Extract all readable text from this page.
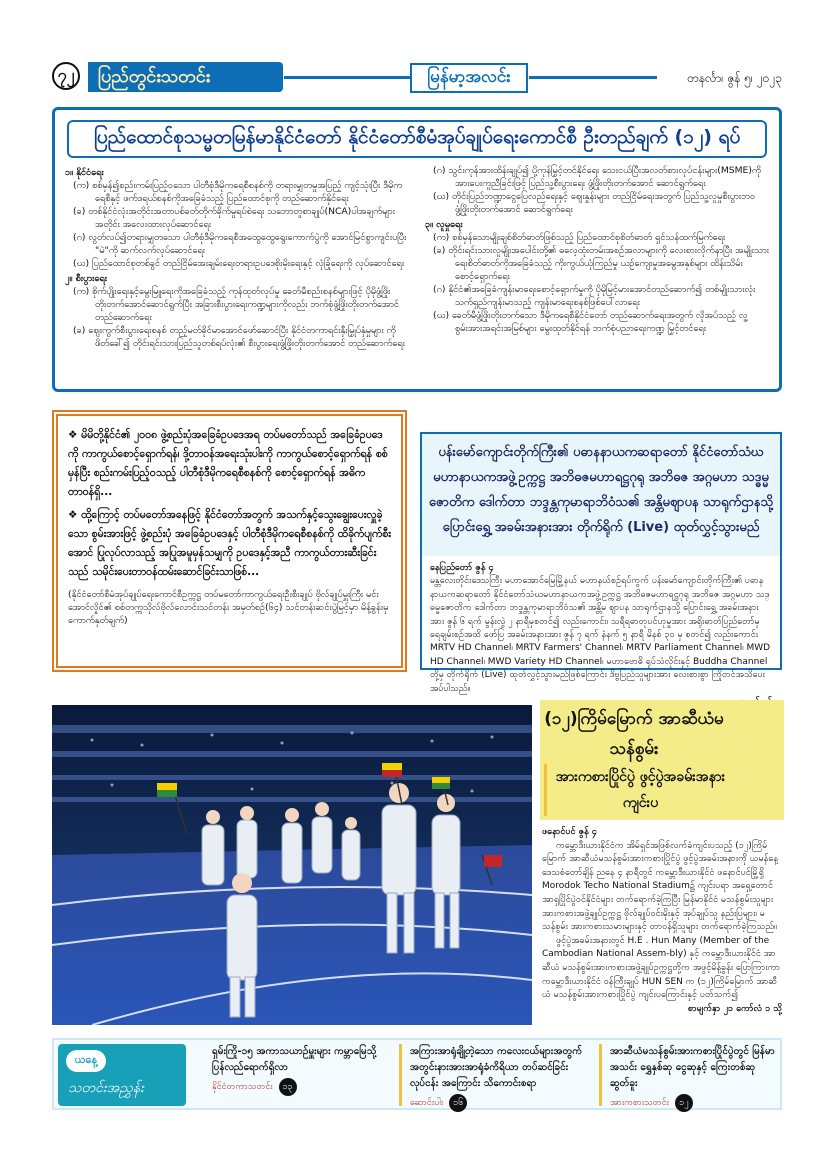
၇၂	ပြည်တွင်းသတင်း	မြန်မာ့အလင်း	တနင်္လာ၊ ဇွန် ၅၊ ၂၀၂၃
ပြည်ထောင်စုသမ္မတမြန်မာနိုင်ငံတော် နိုင်ငံတော်စီမံအုပ်ချုပ်ရေးကောင်စီ ဦးတည်ချက် (၁၂) ရပ်

၁။ နိုင်ငံရေး

(က) စစ်မှန်၍စည်းကမ်းပြည့်ဝသော ပါတီစုံဒီမိုကရေစီစနစ်ကို တရားမျှတမှုအပြည့် ကျင့်သုံးပြီး ဒီမိုကရေစီနှင့် ဖက်ဒရယ်စနစ်ကိုအခြေခံသည့် ပြည်ထောင်စုကို တည်ဆောက်နိုင်ရေး

(ခ) တစ်နိုင်ငံလုံးအတိုင်းအတာပစ်ခတ်တိုက်ခိုက်မှုရပ်စဲရေး သဘောတူစာချုပ်(NCA)ပါအချက်များအတိုင်း အလေးထားလုပ်ဆောင်ရေး

(ဂ) လွတ်လပ်၍တရားမျှတသော ပါတီစုံဒီမိုကရေစီအထွေထွေရွေးကောက်ပွဲကို အောင်မြင်စွာကျင်းပပြီး "မဲ"ကို ဆက်လက်လုပ်ဆောင်ရေး

(ဃ) ပြည်ထောင်စုတစ်ခွင် တည်ငြိမ်အေးချမ်းရေးတရားဥပဒေစိုးမိုးရေးနှင့် လုံခြုံရေးကို လုပ်ဆောင်ရေး

၂။ စီးပွားရေး

(က) စိုက်ပျိုးရေးနှင့်မွေးမြူရေးကိုအခြေခံသည့် ကုန်ထုတ်လုပ်မှု ခေတ်မီစည်းစနစ်များဖြင့် ပိုမိုဖွံ့ဖြိုးတိုးတက်အောင်ဆောင်ရွက်ပြီး အခြားစီးပွားရေးကဏ္ဍများကိုလည်း ဘက်စုံဖွံ့ဖြိုးတိုးတက်အောင် တည်ဆောက်ရေး

(ခ) ဈေးကွက်စီးပွားရေးစနစ် တည့်မတ်ခိုင်မာအောင်ဖော်ဆောင်ပြီး နိုင်ငံတကာရင်းနှီးမြှုပ်နှံမှုများ ကိုဖိတ်ခေါ်၍ တိုင်းရင်းသားပြည်သူတစ်ရပ်လုံး၏ စီးပွားရေးဖွံ့ဖြိုးတိုးတက်အောင် တည်ဆောက်ရေး

(ဂ) သွင်းကုန်အားထိန်းချုပ်၍ ပို့ကုန်မြှင့်တင်နိုင်ရေး သေးငယ်ပြီးအလတ်စားလုပ်ငန်းများ(MSME)ကို အားပေးကူညီခြင်းဖြင့် ပြည်သူ့စီးပွားရေး ဖွံ့ဖြိုးတိုးတက်အောင် ဆောင်ရွက်ရေး

(ဃ) တိုင်းပြည်ဘဏ္ဍာငွေပြေလည်ရေးနှင့် ဈေးနှုန်းများ တည်ငြိမ်ရေးအတွက် ပြည်သူ့လူမှုစီးပွားဘဝ ဖွံ့ဖြိုးတိုးတက်အောင် ဆောင်ရွက်ရေး

၃။ လူမှုရေး

(က) စစ်မှန်သောမျိုးချစ်စိတ်ဓာတ်ဖြစ်သည့် ပြည်ထောင်စုစိတ်ဓာတ် ရှင်သန်ထက်မြက်ရေး

(ခ) တိုင်းရင်းသားလူမျိုးအပေါင်းတို့၏ ဓလေ့ထုံးတမ်းအစဉ်အလာများကို လေးစားလိုက်နာပြီး အမျိုးသားရေးစိတ်ဓာတ်ကိုအခြေခံသည့် ကိုးကွယ်ယုံကြည်မှု ယဉ်ကျေးမှုအမွေအနှစ်များ ထိန်းသိမ်းစောင့်ရှောက်ရေး

(ဂ) နိုင်ငံ၏အခြေခံကျန်းမာရေးစောင့်ရှောက်မှုကို ပိုမိုမြင့်မားအောင်တည်ဆောက်၍ တစ်မျိုးသားလုံး သက်ရှည်ကျန်းမာသည့် ကျန်းမာရေးစနစ်ဖြစ်ပေါ်လာရေး

(ဃ) ခေတ်မီဖွံ့ဖြိုးတိုးတက်သော ဒီမိုကရေစီနိုင်ငံတော် တည်ဆောက်ရေးအတွက် လိုအပ်သည့် လူ့စွမ်းအားအရင်းအမြစ်များ မွေးထုတ်နိုင်ရန် ဘက်စုံပညာရေးကဏ္ဍ မြှင့်တင်ရေး

❖ မိမိတို့နိုင်ငံ၏ ၂၀၀၈ ဖွဲ့စည်းပုံအခြေခံဥပဒေအရ တပ်မတော်သည် အခြေခံဥပဒေကို ကာကွယ်စောင့်ရှောက်ရန်၊ ဒို့တာဝန်အရေးသုံးပါးကို ကာကွယ်စောင့်ရှောက်ရန် စစ်မှန်ပြီး စည်းကမ်းပြည့်ဝသည့် ပါတီစုံဒီမိုကရေစီစနစ်ကို စောင့်ရှောက်ရန် အဓိကတာဝန်ရှိ...

❖ ထို့ကြောင့် တပ်မတော်အနေဖြင့် နိုင်ငံတော်အတွက် အသက်နှင့်သွေးချွေးပေးလှူခဲ့သော စွမ်းအားဖြင့် ဖွဲ့စည်းပုံ အခြေခံဥပဒေနှင့် ပါတီစုံဒီမိုကရေစီစနစ်ကို ထိခိုက်ပျက်စီးအောင် ပြုလုပ်လာသည့် အပြုအမူမှန်သမျှကို ဥပဒေနှင့်အညီ ကာကွယ်တားဆီးခြင်းသည် သမိုင်းပေးတာဝန်ထမ်းဆောင်ခြင်းသာဖြစ်...

(နိုင်ငံတော်စီမံအုပ်ချုပ်ရေးကောင်စီဥက္ကဋ္ဌ တပ်မတော်ကာကွယ်ရေးဦးစီးချုပ် ဗိုလ်ချုပ်မှူးကြီး မင်းအောင်လှိုင်၏ စစ်တက္ကသိုလ်ဗိုလ်လောင်းသင်တန်း အမှတ်စဉ်(၆၄) သင်တန်းဆင်းပွဲမြင့်မှာ မိန့်ခွန်းမှ ကောက်နုတ်ချက်)

ပန်းမော်ကျောင်းတိုက်ကြီး၏ ပဓာနနာယကဆရာတော် နိုင်ငံတော်သံဃမဟာနာယကအဖွဲ့ဥက္ကဋ္ဌ အဘိဓဇမဟာရဋ္ဌဂုရု အဘိဓဇ အဂ္ဂမဟာ သဒ္ဓမ္မဇောတိက ဒေါက်တာ ဘဒ္ဒန္တကုမာရာဘိဝံသ၏ အန္တိမဈာပန သာရုက်ဌာနသို့ ပြောင်းရွှေ့ အခမ်းအနားအား တိုက်ရိုက် (Live) ထုတ်လွှင့်သွားမည်

နေပြည်တော် ဇွန် ၄

မန္တလေးတိုင်းဒေသကြီး မဟာအောင်မြေမြို့နယ် မဟာနယ်စဉ်ရပ်ကွက် ပန်းမော်ကျောင်းတိုက်ကြီး၏ ပဓာနနာယကဆရာတော် နိုင်ငံတော်သံဃမဟာနာယကအဖွဲ့ဥက္ကဋ္ဌ အဘိဓဇမဟာရဋ္ဌဂုရု အဘိဓဇ အဂ္ဂမဟာ သဒ္ဓမ္မဇောတိက ဒေါက်တာ ဘဒ္ဒန္တကုမာရာဘိဝံသ၏ အန္တိမ ဈာပန သာရုက်ဌာနသို့ ပြောင်းရွှေ့ အခမ်းအနားအား ဇွန် ၆ ရက် မွန်းလွဲ ၂ နာရီမှစတင်၍ လည်းကောင်း၊ သရီရဓာတုပင်ဟုမှုအား အရိုးဓာတ်ပြည်တော်မှ ရေချမ်းစဉ်အထိ ဖော်ပြ အခမ်းအနားအား ဇွန် ၇ ရက် နံနက် ၅ နာရီ မိနစ် ၃၀ မှ စတင်၍ လည်းကောင်း MRTV HD Channel၊ MRTV Farmers' Channel၊ MRTV Parliament Channel၊ MWD HD Channel၊ MWD Variety HD Channel၊ မဟာဗောဓိ ရုပ်သံလိုင်းနှင့် Buddha Channel တို့မှ တိုက်ရိုက် (Live) ထုတ်လွှင့်သွားမည်ဖြစ်ကြောင်း ဒိဗ္ဗပြည်သူများအား လေးစားစွာ ကြိုတင်အသိပေးအပ်ပါသည်။

(၁၂)ကြိမ်မြောက် အာဆီယံမသန်စွမ်း
အားကစားပြိုင်ပွဲ ဖွင့်ပွဲအခမ်းအနားကျင်းပ

ဖနောင်ပင် ဇွန် ၄

ကမ္ဘောဒီးယားနိုင်ငံက အိမ်ရှင်အဖြစ်လက်ခံကျင်းပသည့် (၁၂)ကြိမ်မြောက် အာဆီယံမသန်စွမ်းအားကစားပြိုင်ပွဲ ဖွင့်ပွဲအခမ်းအနားကို ယမန်နေ့ ဒေသစံတော်ချိန် ညနေ ၄ နာရီတွင် ကမ္ဘောဒီးယားနိုင်ငံ ဖနောင်ပင်မြို့ရှိ Morodok Techo National Stadium၌ ကျင်းပရာ အရှေ့တောင်အာရှပြိုင်ပွဲဝင်နိုင်ငံများ တက်ရောက်ခဲ့ကြပြီး မြန်မာနိုင်ငံ မသန်စွမ်းသူများ အားကစားအဖွဲ့ချုပ်ဥက္ကဋ္ဌ ဗိုလ်ချုပ်ဝင်းမိုးနှင့် အုပ်ချုပ်သူ နည်းပြများ၊ မသန်စွမ်း အားကစားသမားများနှင့် တာဝန်ရှိသူများ တက်ရောက်ခဲ့ကြသည်။

ဖွင့်ပွဲအခမ်းအနားတွင် H.E . Hun Many (Member of the Cambodian National Assem-bly) နှင့် ကမ္ဘောဒီးယားနိုင်ငံ အာဆီယံ မသန်စွမ်းအားကစားအဖွဲ့ချုပ်ဥက္ကဋ္ဌတို့က အဖွင့်မိန့်ခွန်း ပြောကြားကာ ကမ္ဘောဒီးယားနိုင်ငံ ဝန်ကြီးချုပ် HUN SEN က (၁၂)ကြိမ်မြောက် အာဆီယံ မသန်စွမ်းအားကစားပြိုင်ပွဲ ကျင်းပကြောင်းနှင့် ပတ်သက်၍

စာမျက်နှာ ၂၁ ကော်လံ ၁ သို့

ယနေ့
သတင်းအညွှန်း
ရှမ်းကြို-၁၅ အကာသယာဉ်မှူးများ ကမ္ဘာမြေသို့ ပြန်လည်ရောက်ရှိလာ
နိုင်ငံတကာသတင်း ၁၃
အကြားအာရုံချို့တဲ့သော ကလေးငယ်များအတွက် အတွင်းနားအားအာရုံခံကိရိယာ တပ်ဆင်ခြင်းလုပ်ငန်း အကြောင်း သိကောင်းစရာ
ဆောင်းပါး ၁၆
အာဆီယံမသန်စွမ်းအားကစားပြိုင်ပွဲတွင် မြန်မာအသင်း ရွှေနှစ်ဆု ငွေဆုနှင့် ကြေးတစ်ဆု ဆွတ်ခူး
အားကစားသတင်း ၁၂
